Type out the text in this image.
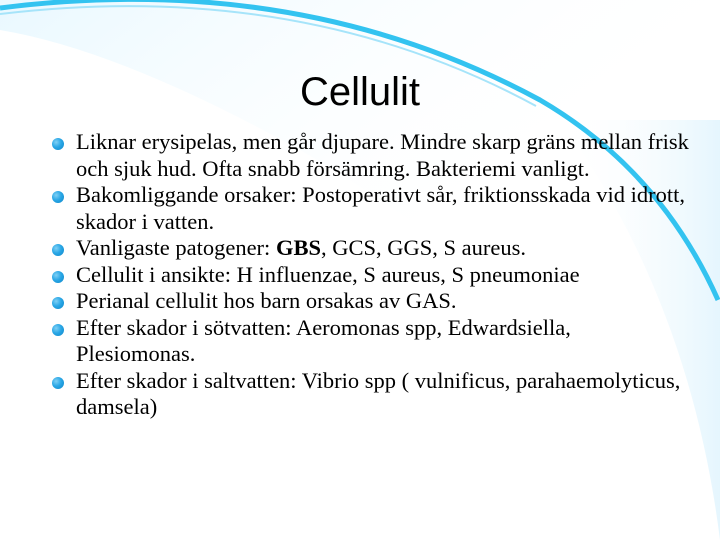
Cellulit
Liknar erysipelas, men går djupare. Mindre skarp gräns mellan frisk och sjuk hud. Ofta snabb försämring. Bakteriemi vanligt.
Bakomliggande orsaker: Postoperativt sår, friktionsskada vid idrott, skador i vatten.
Vanligaste patogener: GBS, GCS, GGS, S aureus.
Cellulit i ansikte: H influenzae, S aureus, S pneumoniae
Perianal cellulit hos barn orsakas av GAS.
Efter skador i sötvatten: Aeromonas spp, Edwardsiella, Plesiomonas.
Efter skador i saltvatten: Vibrio spp ( vulnificus, parahaemolyticus, damsela)
